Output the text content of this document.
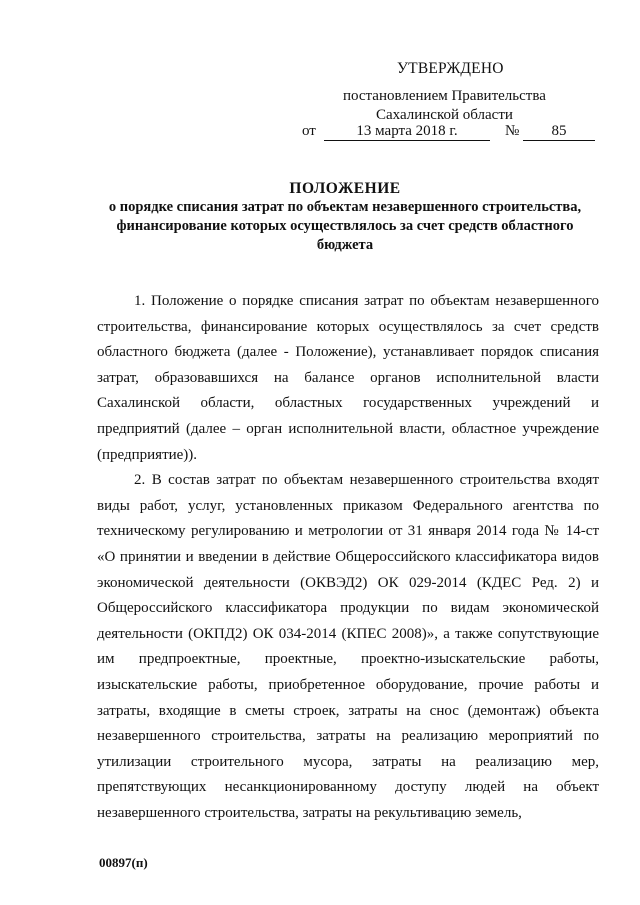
УТВЕРЖДЕНО
постановлением Правительства
Сахалинской области
от	13 марта 2018 г.	№	85
ПОЛОЖЕНИЕ
о порядке списания затрат по объектам незавершенного строительства, финансирование которых осуществлялось за счет средств областного бюджета

1. Положение о порядке списания затрат по объектам незавершенного строительства, финансирование которых осуществлялось за счет средств областного бюджета (далее - Положение), устанавливает порядок списания затрат, образовавшихся на балансе органов исполнительной власти Сахалинской области, областных государственных учреждений и предприятий (далее – орган исполнительной власти, областное учреждение (предприятие)).

2. В состав затрат по объектам незавершенного строительства входят виды работ, услуг, установленных приказом Федерального агентства по техническому регулированию и метрологии от 31 января 2014 года № 14-ст «О принятии и введении в действие Общероссийского классификатора видов экономической деятельности (ОКВЭД2) ОК 029-2014 (КДЕС Ред. 2) и Общероссийского классификатора продукции по видам экономической деятельности (ОКПД2) ОК 034-2014 (КПЕС 2008)», а также сопутствующие им предпроектные, проектные, проектно-изыскательские работы, изыскательские работы, приобретенное оборудование, прочие работы и затраты, входящие в сметы строек, затраты на снос (демонтаж) объекта незавершенного строительства, затраты на реализацию мероприятий по утилизации строительного мусора, затраты на реализацию мер, препятствующих несанкционированному доступу людей на объект незавершенного строительства, затраты на рекультивацию земель,

00897(п)
